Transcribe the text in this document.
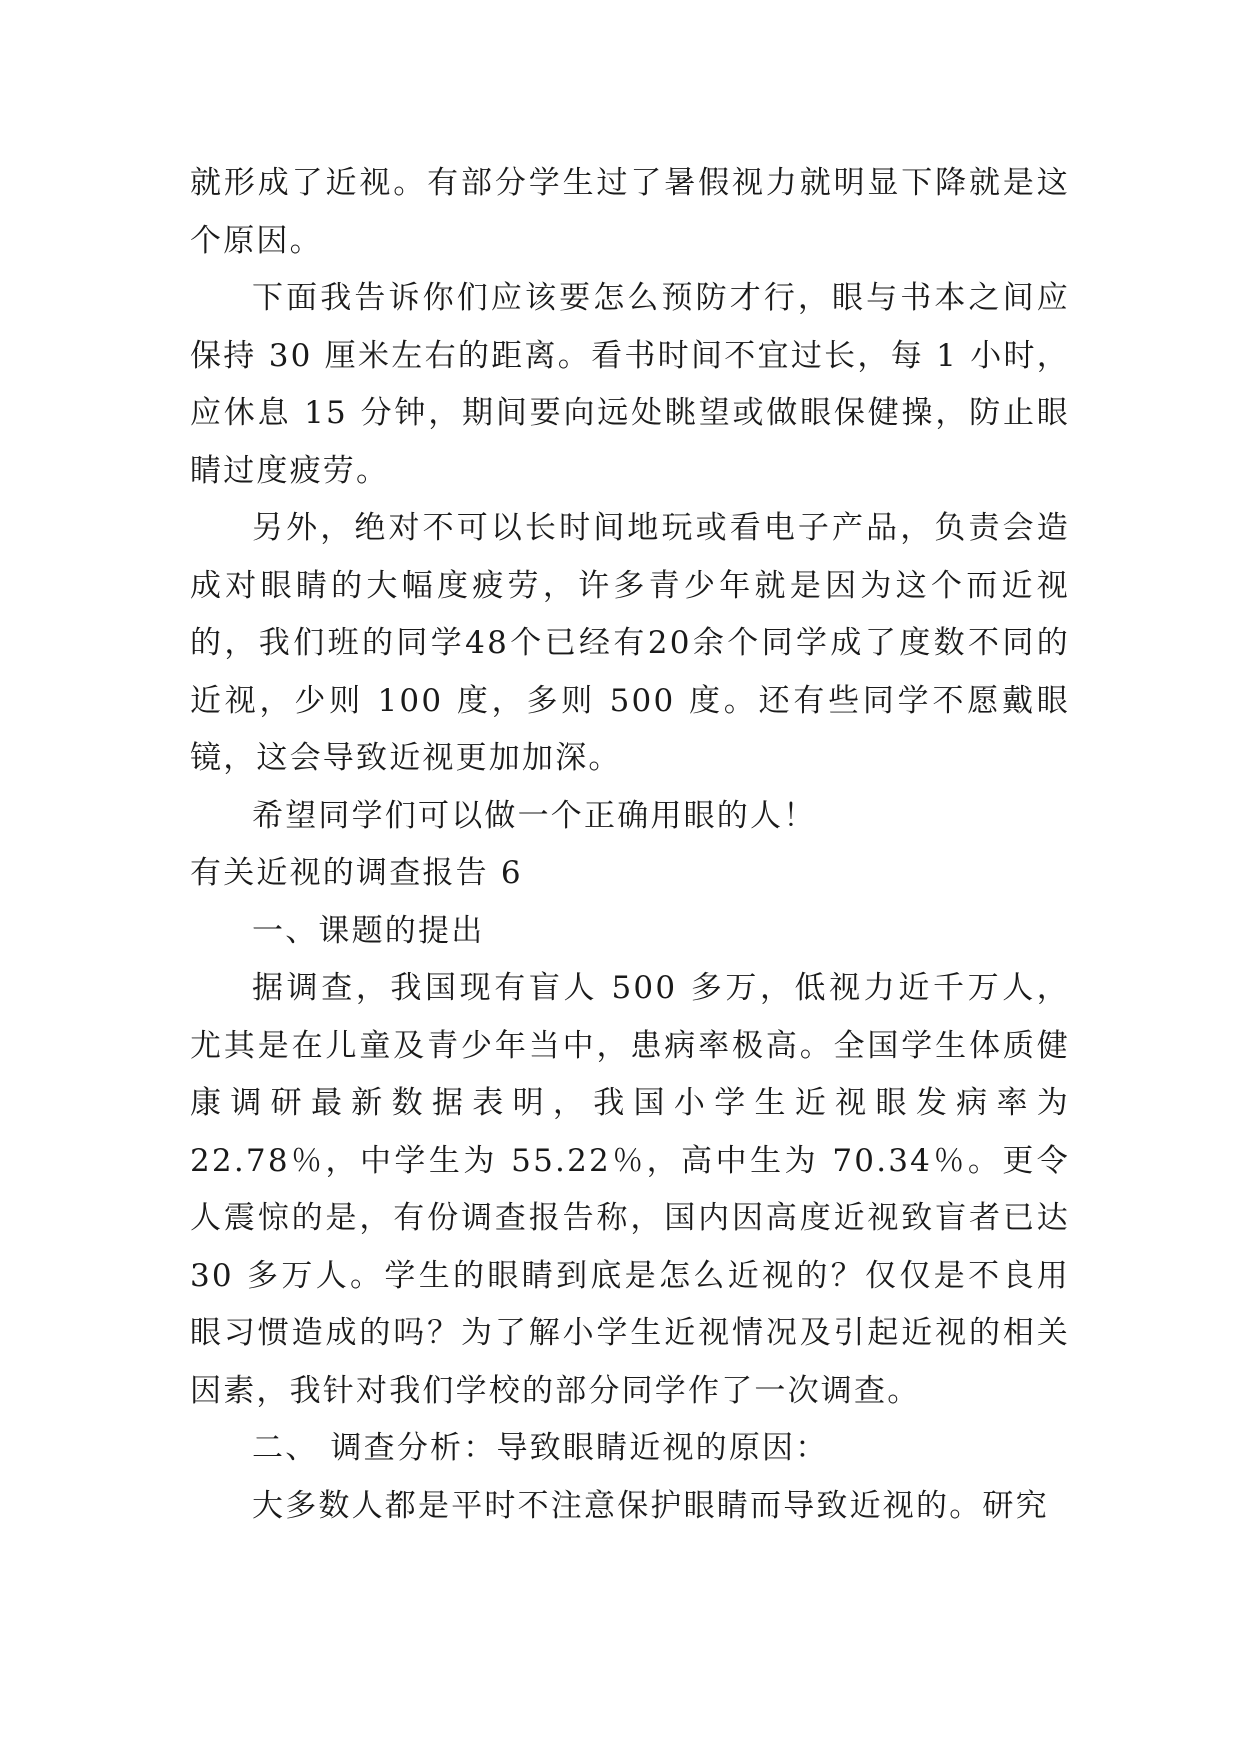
就形成了近视。有部分学生过了暑假视力就明显下降就是这个原因。

下面我告诉你们应该要怎么预防才行，眼与书本之间应保持 30 厘米左右的距离。看书时间不宜过长，每 1 小时，应休息 15 分钟，期间要向远处眺望或做眼保健操，防止眼睛过度疲劳。

另外，绝对不可以长时间地玩或看电子产品，负责会造成对眼睛的大幅度疲劳，许多青少年就是因为这个而近视的，我们班的同学48个已经有20余个同学成了度数不同的近视，少则 100 度，多则 500 度。还有些同学不愿戴眼镜，这会导致近视更加加深。

希望同学们可以做一个正确用眼的人！

有关近视的调查报告 6

一、课题的提出

据调查，我国现有盲人 500 多万，低视力近千万人，尤其是在儿童及青少年当中，患病率极高。全国学生体质健康调研最新数据表明，我国小学生近视眼发病率为 22.78％，中学生为 55.22％，高中生为 70.34％。更令人震惊的是，有份调查报告称，国内因高度近视致盲者已达 30 多万人。学生的眼睛到底是怎么近视的？仅仅是不良用眼习惯造成的吗？为了解小学生近视情况及引起近视的相关因素，我针对我们学校的部分同学作了一次调查。

二、 调查分析：导致眼睛近视的原因：

大多数人都是平时不注意保护眼睛而导致近视的。研究
